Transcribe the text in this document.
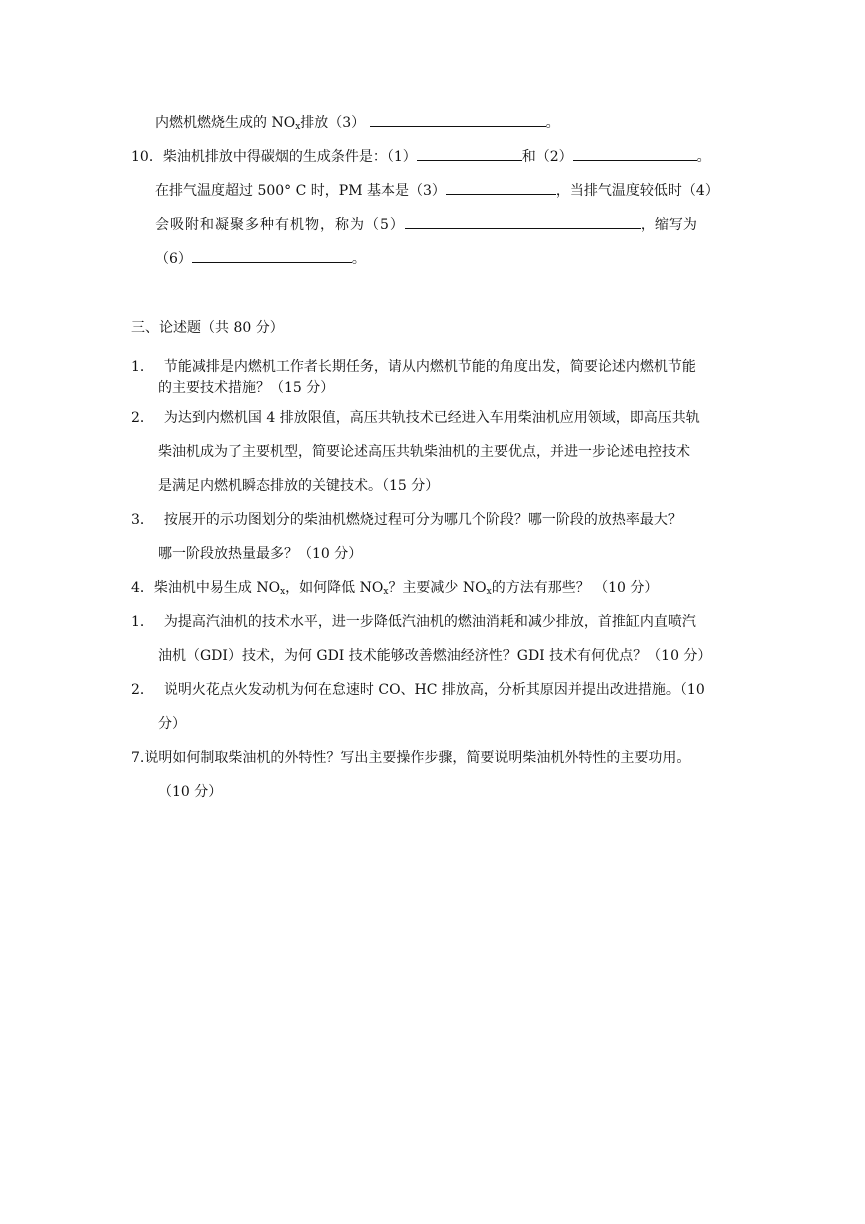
内燃机燃烧生成的 $NO_x$排放（3）	。
10．柴油机排放中得碳烟的生成条件是：（1）	和（2）	。
在排气温度超过 500° C 时，PM 基本是（3）	，当排气温度较低时（4）
会吸附和凝聚多种有机物，称为（5）	，缩写为
（6）	。
三、论述题（共 80 分）
1． 节能减排是内燃机工作者长期任务，请从内燃机节能的角度出发，简要论述内燃机节能
的主要技术措施？（15 分）
2． 为达到内燃机国 4 排放限值，高压共轨技术已经进入车用柴油机应用领域，即高压共轨
柴油机成为了主要机型，简要论述高压共轨柴油机的主要优点，并进一步论述电控技术
是满足内燃机瞬态排放的关键技术。（15 分）
3． 按展开的示功图划分的柴油机燃烧过程可分为哪几个阶段？哪一阶段的放热率最大？
哪一阶段放热量最多？（10 分）
4．柴油机中易生成 $NO_x$，如何降低 $NO_x$？主要减少 $NO_x$的方法有那些？ （10 分）
1． 为提高汽油机的技术水平，进一步降低汽油机的燃油消耗和减少排放，首推缸内直喷汽
油机（GDI）技术，为何 GDI 技术能够改善燃油经济性？GDI 技术有何优点？（10 分）
2． 说明火花点火发动机为何在怠速时 CO、HC 排放高，分析其原因并提出改进措施。（10
分）
7.说明如何制取柴油机的外特性？写出主要操作步骤，简要说明柴油机外特性的主要功用。
（10 分）
